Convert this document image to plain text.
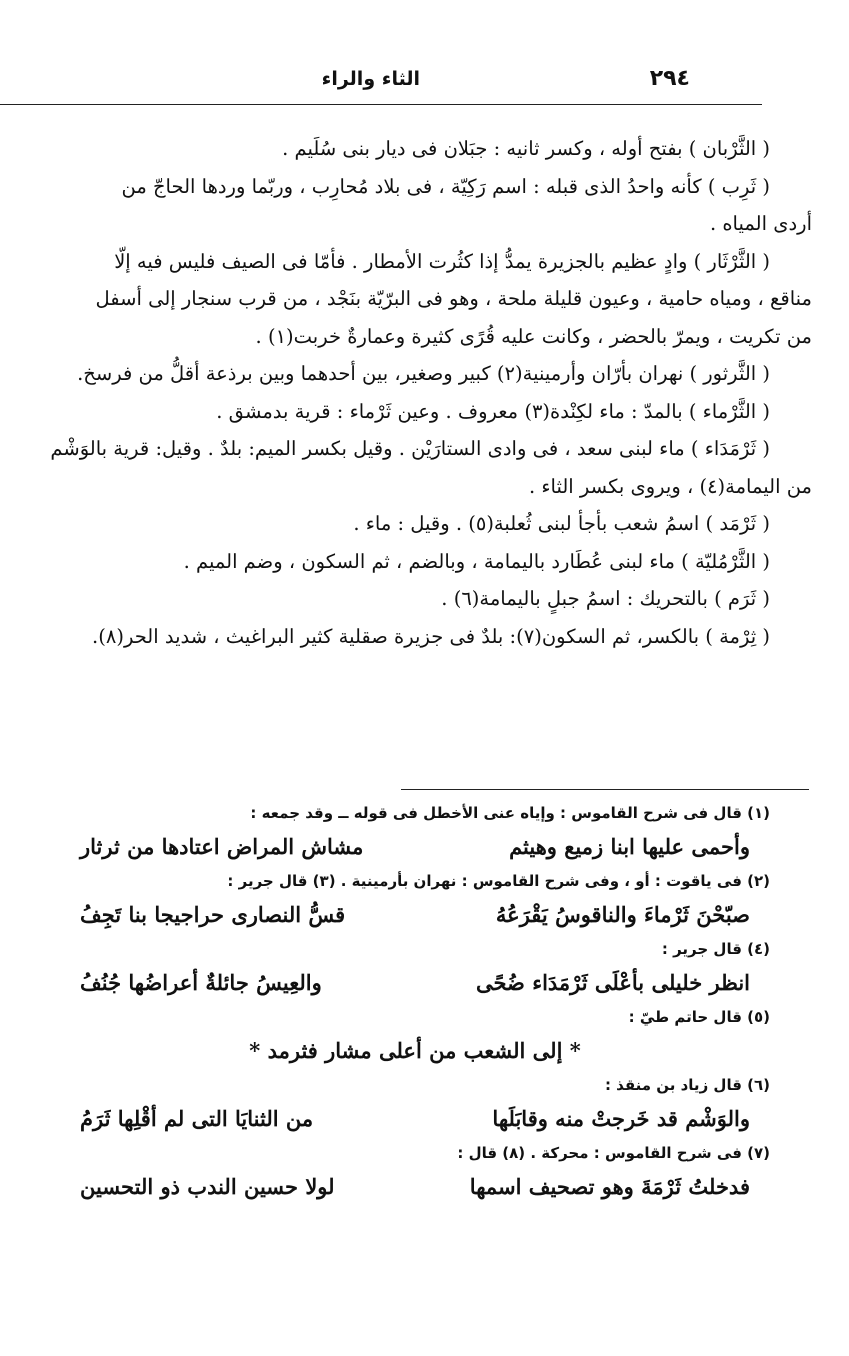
٢٩٤
الثاء والراء

( الثَّرْبان ) بفتح أوله ، وكسر ثانيه : جبَلان فى ديار بنى سُلَيم .

( ثَرِب ) كأنه واحدُ الذى قبله : اسم رَكِيّة ، فى بلاد مُحارِب ، وربّما وردها الحاجّ من

أردى المياه .

( الثَّرْثَار ) وادٍ عظيم بالجزيرة يمدُّ إذا كثُرت الأمطار . فأمّا فى الصيف فليس فيه إلّا

مناقع ، ومياه حامية ، وعيون قليلة ملحة ، وهو فى البرّيّة بنَجْد ، من قرب سنجار إلى أسفل

من تكريت ، ويمرّ بالحضر ، وكانت عليه قُرًى كثيرة وعمارةٌ خربت(١) .

( الثَّرثور ) نهران بأرّان وأرمينية(٢) كبير وصغير، بين أحدهما وبين برذعة أقلُّ من فرسخ.

( الثَّرْماء ) بالمدّ : ماء لكِنْدة(٣) معروف . وعين ثَرْماء : قرية بدمشق .

( ثَرْمَدَاء ) ماء لبنى سعد ، فى وادى الستارَيْن . وقيل بكسر الميم: بلدٌ . وقيل: قرية بالوَشْم

من اليمامة(٤) ، ويروى بكسر الثاء .

( ثَرْمَد ) اسمُ شعب بأجأ لبنى ثُعلبة(٥) . وقيل : ماء .

( الثَّرْمُليّة ) ماء لبنى عُطَارد باليمامة ، وبالضم ، ثم السكون ، وضم الميم .

( ثَرَم ) بالتحريك : اسمُ جبلٍ باليمامة(٦) .

( ثِرْمة ) بالكسر، ثم السكون(٧): بلدٌ فى جزيرة صقلية كثير البراغيث ، شديد الحر(٨).

(١) قال فى شرح القاموس : وإياه عنى الأخطل فى قوله ــ وقد جمعه :

وأحمى عليها ابنا زميع وهيثم
مشاش المراض اعتادها من ثرثار

(٢) فى ياقوت : أو ، وفى شرح القاموس : نهران بأرمينية . (٣) قال جرير :

صبّحْنَ ثَرْماءَ والناقوسُ يَقْرَعُهُ
قسُّ النصارى حراجيجا بنا تَجِفُ

(٤) قال جرير :

انظر خليلى بأعْلَى ثَرْمَدَاء ضُحًى
والعِيسُ جائلةٌ أعراضُها جُنُفُ

(٥) قال حاتم طيّ :

* إلى الشعب من أعلى مشار فثرمد *

(٦) قال زياد بن منقذ :

والوَشْم قد خَرجتْ منه وقابَلَها
من الثنايَا التى لم أقْلِها ثَرَمُ

(٧) فى شرح القاموس : محركة . (٨) قال :

فدخلتُ ثَرْمَةَ وهو تصحيف اسمها
لولا حسين الندب ذو التحسين
